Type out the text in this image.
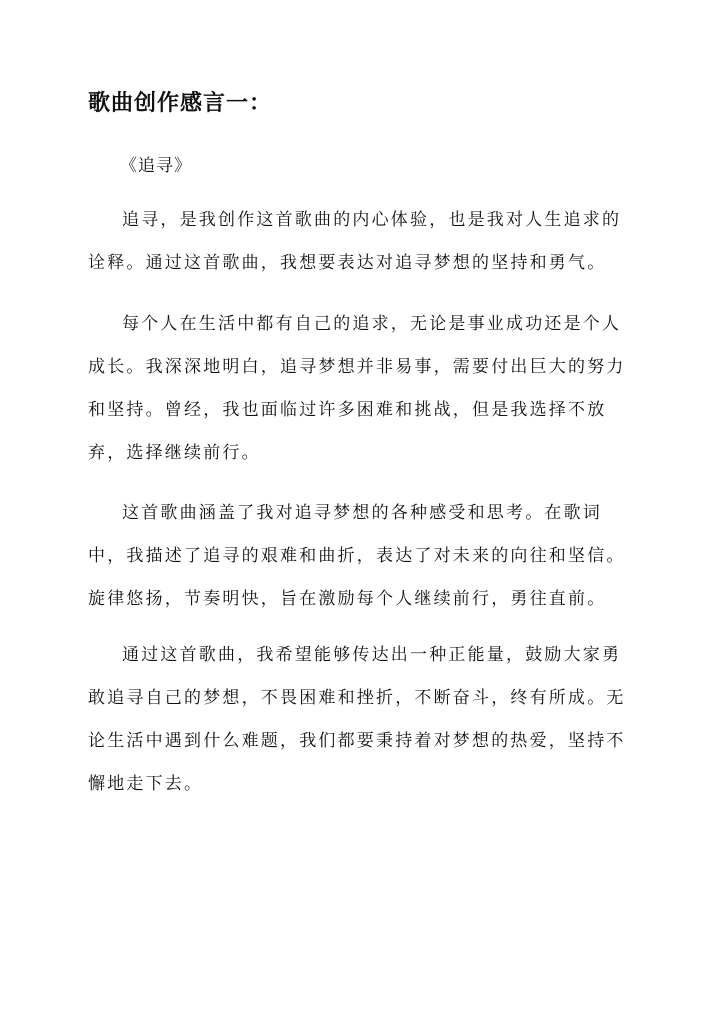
歌曲创作感言一：

《追寻》

追寻，是我创作这首歌曲的内心体验，也是我对人生追求的诠释。通过这首歌曲，我想要表达对追寻梦想的坚持和勇气。

每个人在生活中都有自己的追求，无论是事业成功还是个人成长。我深深地明白，追寻梦想并非易事，需要付出巨大的努力和坚持。曾经，我也面临过许多困难和挑战，但是我选择不放弃，选择继续前行。

这首歌曲涵盖了我对追寻梦想的各种感受和思考。在歌词中，我描述了追寻的艰难和曲折，表达了对未来的向往和坚信。旋律悠扬，节奏明快，旨在激励每个人继续前行，勇往直前。

通过这首歌曲，我希望能够传达出一种正能量，鼓励大家勇敢追寻自己的梦想，不畏困难和挫折，不断奋斗，终有所成。无论生活中遇到什么难题，我们都要秉持着对梦想的热爱，坚持不懈地走下去。
